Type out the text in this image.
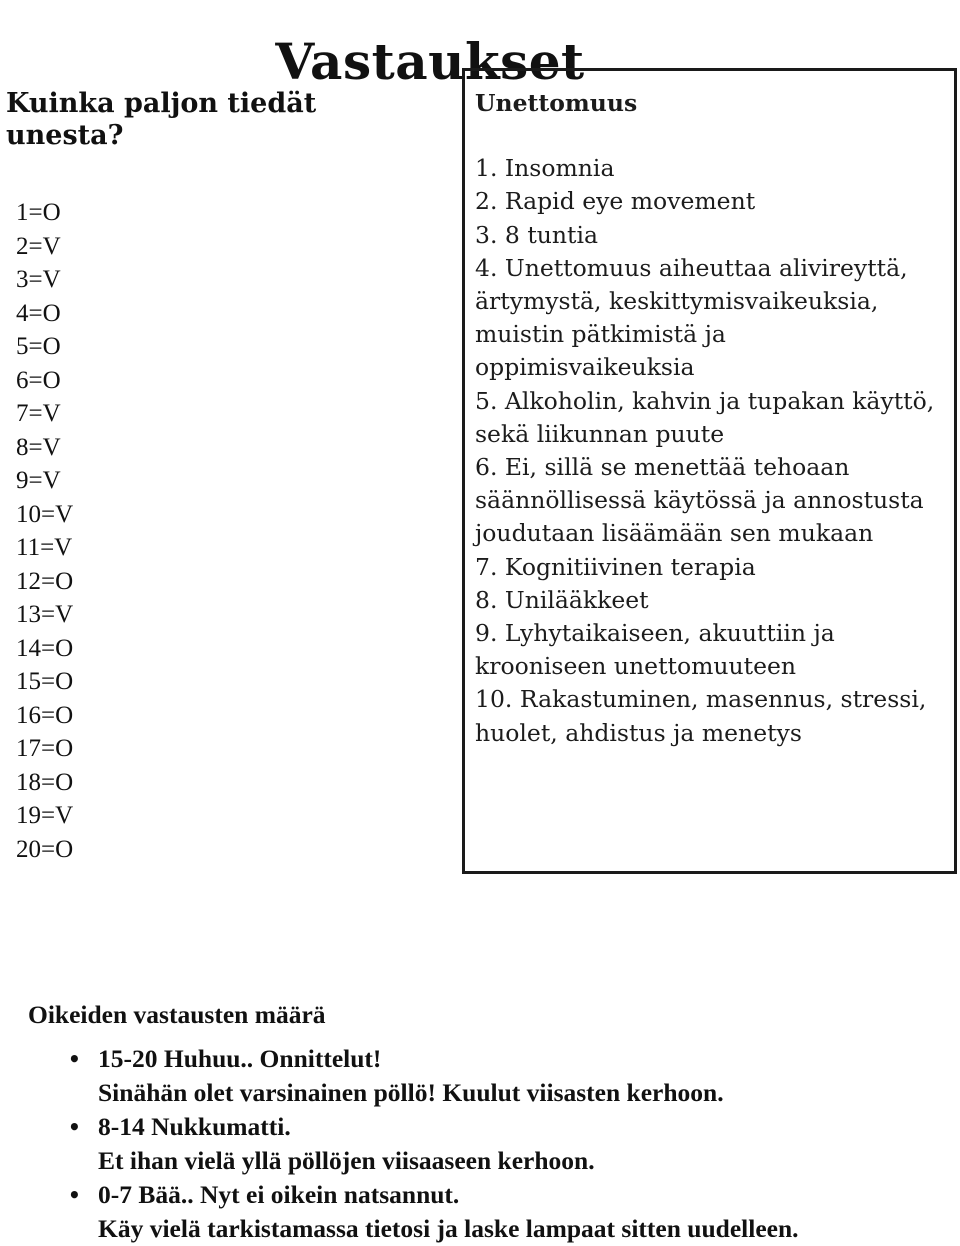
Vastaukset
Kuinka paljon tiedät unesta?
1=O
2=V
3=V
4=O
5=O
6=O
7=V
8=V
9=V
10=V
11=V
12=O
13=V
14=O
15=O
16=O
17=O
18=O
19=V
20=O
Unettomuus
1. Insomnia
2. Rapid eye movement
3. 8 tuntia
4. Unettomuus aiheuttaa alivireyttä, ärtymystä, keskittymisvaikeuksia, muistin pätkimistä ja oppimisvaikeuksia
5. Alkoholin, kahvin ja tupakan käyttö, sekä liikunnan puute
6. Ei, sillä se menettää tehoaan säännöllisessä käytössä ja annostusta joudutaan lisäämään sen mukaan
7. Kognitiivinen terapia
8. Unilääkkeet
9. Lyhytaikaiseen, akuuttiin ja krooniseen unettomuuteen
10. Rakastuminen, masennus, stressi, huolet, ahdistus ja menetys
Oikeiden vastausten määrä
• 15-20 Huhuu.. Onnittelut!
Sinähän olet varsinainen pöllö! Kuulut viisasten kerhoon.
• 8-14 Nukkumatti.
Et ihan vielä yllä pöllöjen viisaaseen kerhoon.
• 0-7 Bää.. Nyt ei oikein natsannut.
Käy vielä tarkistamassa tietosi ja laske lampaat sitten uudelleen.
